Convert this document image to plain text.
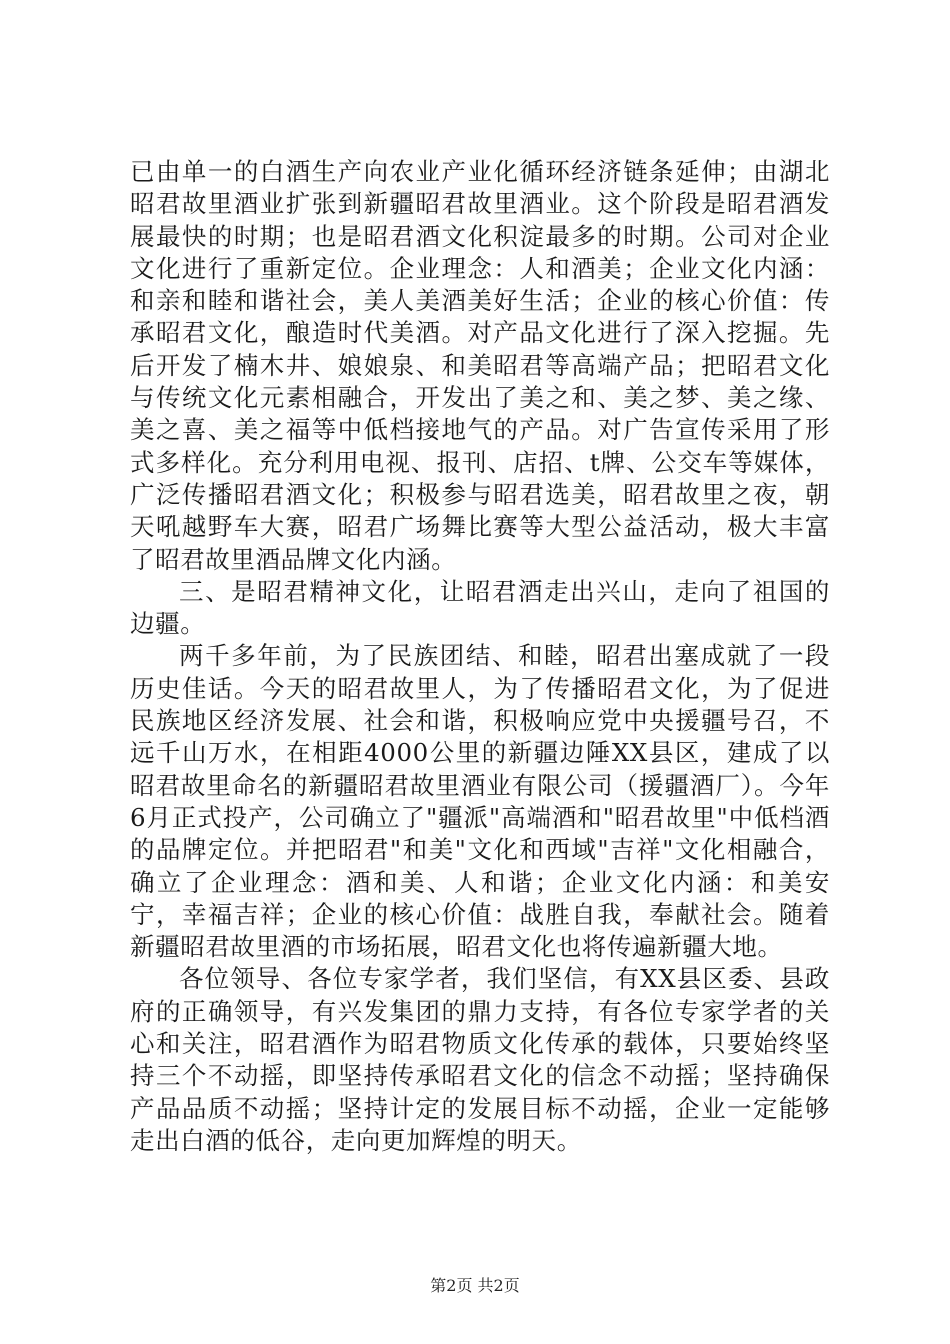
已由单一的白酒生产向农业产业化循环经济链条延伸；由湖北昭君故里酒业扩张到新疆昭君故里酒业。这个阶段是昭君酒发展最快的时期；也是昭君酒文化积淀最多的时期。公司对企业文化进行了重新定位。企业理念：人和酒美；企业文化内涵：和亲和睦和谐社会，美人美酒美好生活；企业的核心价值：传承昭君文化，酿造时代美酒。对产品文化进行了深入挖掘。先后开发了楠木井、娘娘泉、和美昭君等高端产品；把昭君文化与传统文化元素相融合，开发出了美之和、美之梦、美之缘、美之喜、美之福等中低档接地气的产品。对广告宣传采用了形式多样化。充分利用电视、报刊、店招、t牌、公交车等媒体，广泛传播昭君酒文化；积极参与昭君选美，昭君故里之夜，朝天吼越野车大赛，昭君广场舞比赛等大型公益活动，极大丰富了昭君故里酒品牌文化内涵。

三、是昭君精神文化，让昭君酒走出兴山，走向了祖国的边疆。

两千多年前，为了民族团结、和睦，昭君出塞成就了一段历史佳话。今天的昭君故里人，为了传播昭君文化，为了促进民族地区经济发展、社会和谐，积极响应党中央援疆号召，不远千山万水，在相距4000公里的新疆边陲XX县区，建成了以昭君故里命名的新疆昭君故里酒业有限公司（援疆酒厂）。今年6月正式投产，公司确立了"疆派"高端酒和"昭君故里"中低档酒的品牌定位。并把昭君"和美"文化和西域"吉祥"文化相融合，确立了企业理念：酒和美、人和谐；企业文化内涵：和美安宁，幸福吉祥；企业的核心价值：战胜自我，奉献社会。随着新疆昭君故里酒的市场拓展，昭君文化也将传遍新疆大地。

各位领导、各位专家学者，我们坚信，有XX县区委、县政府的正确领导，有兴发集团的鼎力支持，有各位专家学者的关心和关注，昭君酒作为昭君物质文化传承的载体，只要始终坚持三个不动摇，即坚持传承昭君文化的信念不动摇；坚持确保产品品质不动摇；坚持计定的发展目标不动摇，企业一定能够走出白酒的低谷，走向更加辉煌的明天。

第2页 共2页
